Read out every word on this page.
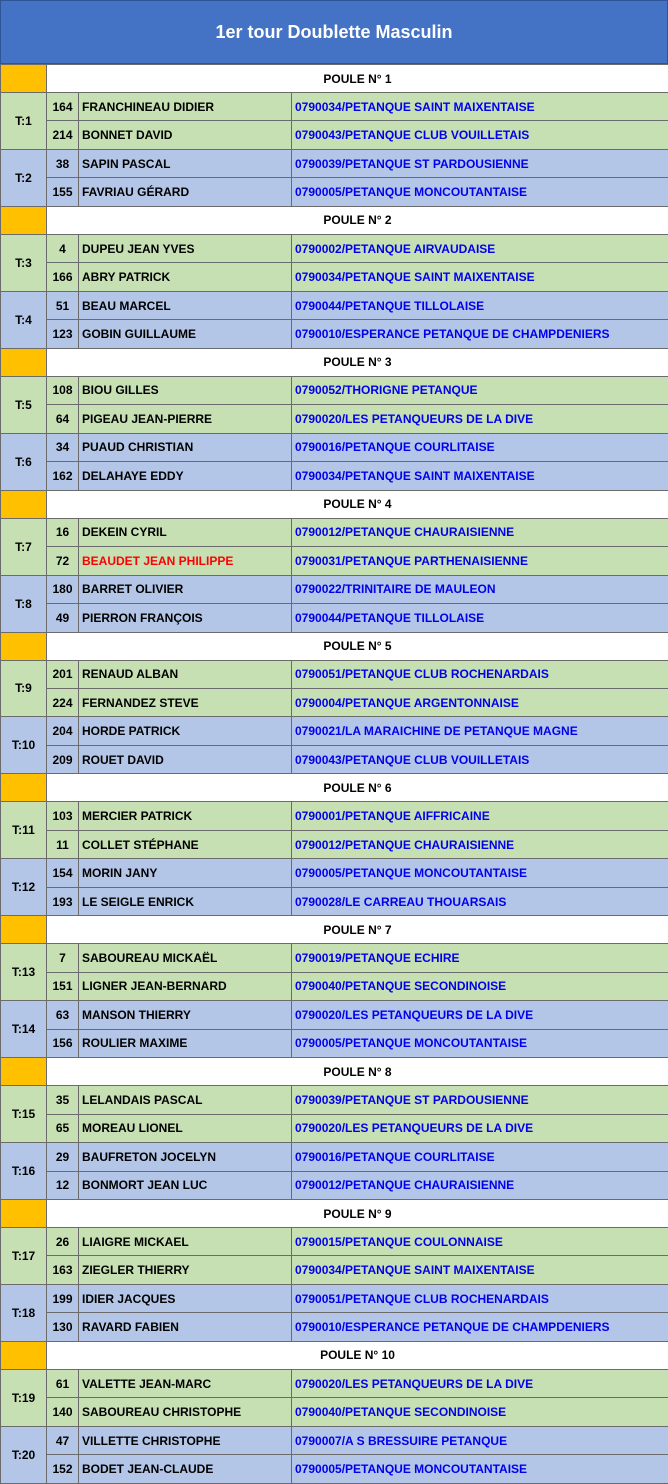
1er tour Doublette Masculin
	POULE N° 1		
T:1	164	FRANCHINEAU DIDIER	0790034/PETANQUE SAINT MAIXENTAISE
	214	BONNET DAVID	0790043/PETANQUE CLUB VOUILLETAIS
T:2	38	SAPIN PASCAL	0790039/PETANQUE ST PARDOUSIENNE
	155	FAVRIAU GÉRARD	0790005/PETANQUE MONCOUTANTAISE
	POULE N° 2		
T:3	4	DUPEU JEAN YVES	0790002/PETANQUE AIRVAUDAISE
	166	ABRY PATRICK	0790034/PETANQUE SAINT MAIXENTAISE
T:4	51	BEAU MARCEL	0790044/PETANQUE TILLOLAISE
	123	GOBIN GUILLAUME	0790010/ESPERANCE PETANQUE DE CHAMPDENIERS
	POULE N° 3		
T:5	108	BIOU GILLES	0790052/THORIGNE PETANQUE
	64	PIGEAU JEAN-PIERRE	0790020/LES PETANQUEURS DE LA DIVE
T:6	34	PUAUD CHRISTIAN	0790016/PETANQUE COURLITAISE
	162	DELAHAYE EDDY	0790034/PETANQUE SAINT MAIXENTAISE
	POULE N° 4		
T:7	16	DEKEIN CYRIL	0790012/PETANQUE CHAURAISIENNE
	72	BEAUDET JEAN PHILIPPE	0790031/PETANQUE PARTHENAISIENNE
T:8	180	BARRET OLIVIER	0790022/TRINITAIRE DE MAULEON
	49	PIERRON FRANÇOIS	0790044/PETANQUE TILLOLAISE
	POULE N° 5		
T:9	201	RENAUD ALBAN	0790051/PETANQUE CLUB ROCHENARDAIS
	224	FERNANDEZ STEVE	0790004/PETANQUE ARGENTONNAISE
T:10	204	HORDE PATRICK	0790021/LA MARAICHINE DE PETANQUE MAGNE
	209	ROUET DAVID	0790043/PETANQUE CLUB VOUILLETAIS
	POULE N° 6		
T:11	103	MERCIER PATRICK	0790001/PETANQUE AIFFRICAINE
	11	COLLET STÉPHANE	0790012/PETANQUE CHAURAISIENNE
T:12	154	MORIN JANY	0790005/PETANQUE MONCOUTANTAISE
	193	LE SEIGLE ENRICK	0790028/LE CARREAU THOUARSAIS
	POULE N° 7		
T:13	7	SABOUREAU MICKAËL	0790019/PETANQUE ECHIRE
	151	LIGNER JEAN-BERNARD	0790040/PETANQUE SECONDINOISE
T:14	63	MANSON THIERRY	0790020/LES PETANQUEURS DE LA DIVE
	156	ROULIER MAXIME	0790005/PETANQUE MONCOUTANTAISE
	POULE N° 8		
T:15	35	LELANDAIS PASCAL	0790039/PETANQUE ST PARDOUSIENNE
	65	MOREAU LIONEL	0790020/LES PETANQUEURS DE LA DIVE
T:16	29	BAUFRETON JOCELYN	0790016/PETANQUE COURLITAISE
	12	BONMORT JEAN LUC	0790012/PETANQUE CHAURAISIENNE
	POULE N° 9		
T:17	26	LIAIGRE MICKAEL	0790015/PETANQUE COULONNAISE
	163	ZIEGLER THIERRY	0790034/PETANQUE SAINT MAIXENTAISE
T:18	199	IDIER JACQUES	0790051/PETANQUE CLUB ROCHENARDAIS
	130	RAVARD FABIEN	0790010/ESPERANCE PETANQUE DE CHAMPDENIERS
	POULE N° 10		
T:19	61	VALETTE JEAN-MARC	0790020/LES PETANQUEURS DE LA DIVE
	140	SABOUREAU CHRISTOPHE	0790040/PETANQUE SECONDINOISE
T:20	47	VILLETTE CHRISTOPHE	0790007/A S BRESSUIRE PETANQUE
	152	BODET JEAN-CLAUDE	0790005/PETANQUE MONCOUTANTAISE
